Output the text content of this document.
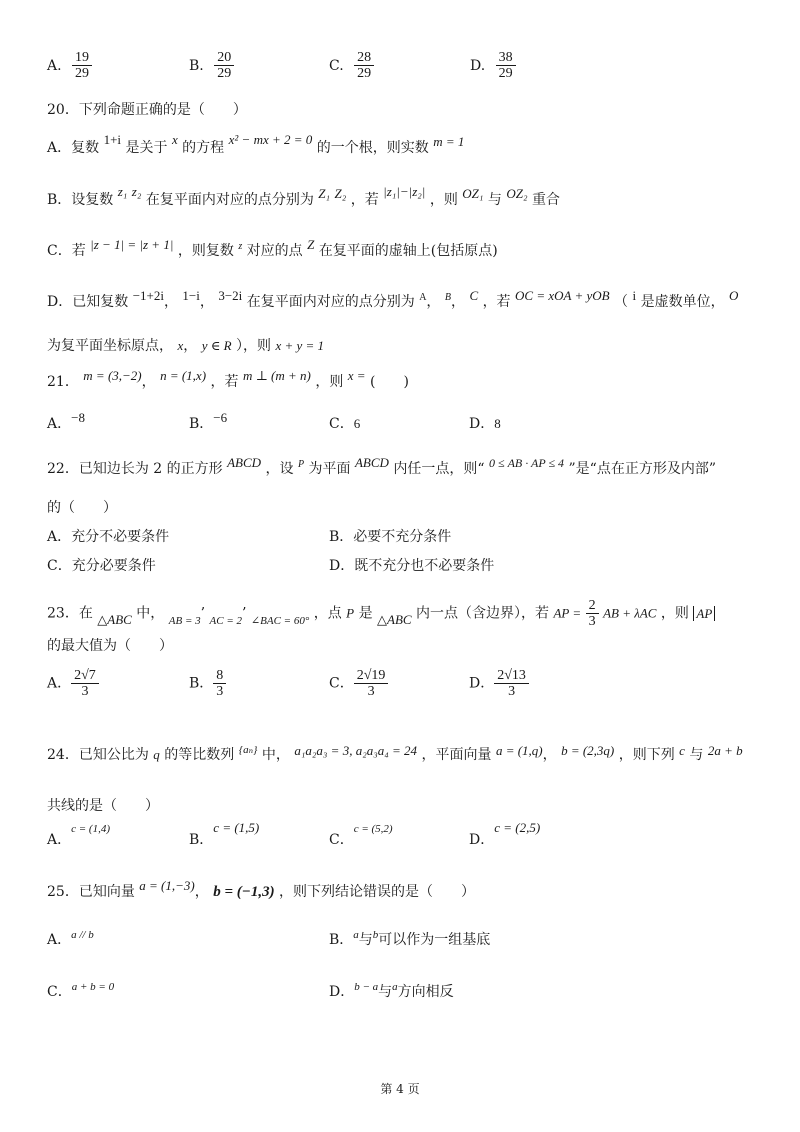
A. $\frac{19}{29}$	B. $\frac{20}{29}$	C. $\frac{28}{29}$	D. $\frac{38}{29}$
20．下列命题正确的是（　　）
A．复数 1+i 是关于 x 的方程 x² − mx + 2 = 0 的一个根，则实数 m = 1
B．设复数 z₁ z₂ 在复平面内对应的点分别为 Z₁ Z₂ ，若 |z₁|−|z₂| ，则 OZ₁ 与 OZ₂ 重合
C．若 |z − 1| = |z + 1| ，则复数 $^z$ 对应的点 Z 在复平面的虚轴上(包括原点)
D．已知复数 −1+2i， 1−i， 3−2i 在复平面内对应的点分别为 $^A$， $^B$， C ，若 OC = xOA + yOB （ i 是虚数单位， O
为复平面坐标原点， x， y ∈ R ），则 x + y = 1
21． m = (3,−2)， n = (1,x) ，若 m ⊥ (m + n) ，则 x = (　　)
A．−8	B．−6	C．6	D．8
22．已知边长为 2 的正方形 ABCD ，设 $^P$ 为平面 ABCD 内任一点，则“ 0 ≤ AB · AP ≤ 4 ”是“点在正方形及内部”
的（　　）
A．充分不必要条件	B．必要不充分条件
C．充分必要条件	D．既不充分也不必要条件
23．在 △ABC 中， $_{AB = 3}$’ $_{AC = 2}$’ $_{\angle BAC = 60^\circ}$ ，点 P 是 △ABC 内一点（含边界），若 AP = $\frac{2}{3}$ AB + λAC ，则 AP
的最大值为（　　）
A． $\frac{2√7}{3}$	B． $\frac{8}{3}$	C． $\frac{2√19}{3}$	D． $\frac{2√13}{3}$
24．已知公比为 q 的等比数列 $^{\{a_n\}}$ 中， a₁a₂a₃ = 3, a₂a₃a₄ = 24 ，平面向量 a = (1,q)， b = (2,3q) ，则下列 c 与 2a + b
共线的是（　　）
A．$^{c = (1,4)}$B．c = (1,5)C．$^{c = (5,2)}$D．c = (2,5)
25．已知向量 a = (1,−3)， b = (−1,3) ，则下列结论错误的是（　　）
A．$^{a // b}$	B．$^a$与$^b$可以作为一组基底
C．$^{a + b = 0}$	D．$^{b - a}$与$^a$方向相反
第 4 页
